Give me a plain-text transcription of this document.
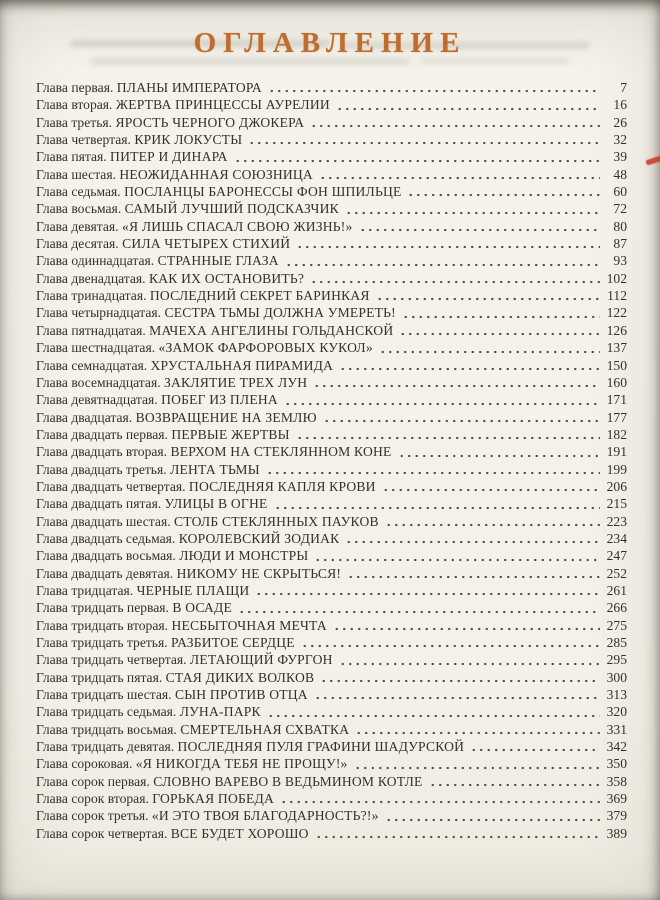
ОГЛАВЛЕНИЕ
Глава первая. ПЛАНЫ ИМПЕРАТОРА	7
Глава вторая. ЖЕРТВА ПРИНЦЕССЫ АУРЕЛИИ	16
Глава третья. ЯРОСТЬ ЧЕРНОГО ДЖОКЕРА	26
Глава четвертая. КРИК ЛОКУСТЫ	32
Глава пятая. ПИТЕР И ДИНАРА	39
Глава шестая. НЕОЖИДАННАЯ СОЮЗНИЦА	48
Глава седьмая. ПОСЛАНЦЫ БАРОНЕССЫ ФОН ШПИЛЬЦЕ	60
Глава восьмая. САМЫЙ ЛУЧШИЙ ПОДСКАЗЧИК	72
Глава девятая. «Я ЛИШЬ СПАСАЛ СВОЮ ЖИЗНЬ!»	80
Глава десятая. СИЛА ЧЕТЫРЕХ СТИХИЙ	87
Глава одиннадцатая. СТРАННЫЕ ГЛАЗА	93
Глава двенадцатая. КАК ИХ ОСТАНОВИТЬ?	102
Глава тринадцатая. ПОСЛЕДНИЙ СЕКРЕТ БАРИНКАЯ	112
Глава четырнадцатая. СЕСТРА ТЬМЫ ДОЛЖНА УМЕРЕТЬ!	122
Глава пятнадцатая. МАЧЕХА АНГЕЛИНЫ ГОЛЬДАНСКОЙ	126
Глава шестнадцатая. «ЗАМОК ФАРФОРОВЫХ КУКОЛ»	137
Глава семнадцатая. ХРУСТАЛЬНАЯ ПИРАМИДА	150
Глава восемнадцатая. ЗАКЛЯТИЕ ТРЕХ ЛУН	160
Глава девятнадцатая. ПОБЕГ ИЗ ПЛЕНА	171
Глава двадцатая. ВОЗВРАЩЕНИЕ НА ЗЕМЛЮ	177
Глава двадцать первая. ПЕРВЫЕ ЖЕРТВЫ	182
Глава двадцать вторая. ВЕРХОМ НА СТЕКЛЯННОМ КОНЕ	191
Глава двадцать третья. ЛЕНТА ТЬМЫ	199
Глава двадцать четвертая. ПОСЛЕДНЯЯ КАПЛЯ КРОВИ	206
Глава двадцать пятая. УЛИЦЫ В ОГНЕ	215
Глава двадцать шестая. СТОЛБ СТЕКЛЯННЫХ ПАУКОВ	223
Глава двадцать седьмая. КОРОЛЕВСКИЙ ЗОДИАК	234
Глава двадцать восьмая. ЛЮДИ И МОНСТРЫ	247
Глава двадцать девятая. НИКОМУ НЕ СКРЫТЬСЯ!	252
Глава тридцатая. ЧЕРНЫЕ ПЛАЩИ	261
Глава тридцать первая. В ОСАДЕ	266
Глава тридцать вторая. НЕСБЫТОЧНАЯ МЕЧТА	275
Глава тридцать третья. РАЗБИТОЕ СЕРДЦЕ	285
Глава тридцать четвертая. ЛЕТАЮЩИЙ ФУРГОН	295
Глава тридцать пятая. СТАЯ ДИКИХ ВОЛКОВ	300
Глава тридцать шестая. СЫН ПРОТИВ ОТЦА	313
Глава тридцать седьмая. ЛУНА-ПАРК	320
Глава тридцать восьмая. СМЕРТЕЛЬНАЯ СХВАТКА	331
Глава тридцать девятая. ПОСЛЕДНЯЯ ПУЛЯ ГРАФИНИ ШАДУРСКОЙ	342
Глава сороковая. «Я НИКОГДА ТЕБЯ НЕ ПРОЩУ!»	350
Глава сорок первая. СЛОВНО ВАРЕВО В ВЕДЬМИНОМ КОТЛЕ	358
Глава сорок вторая. ГОРЬКАЯ ПОБЕДА	369
Глава сорок третья. «И ЭТО ТВОЯ БЛАГОДАРНОСТЬ?!»	379
Глава сорок четвертая. ВСЕ БУДЕТ ХОРОШО	389
